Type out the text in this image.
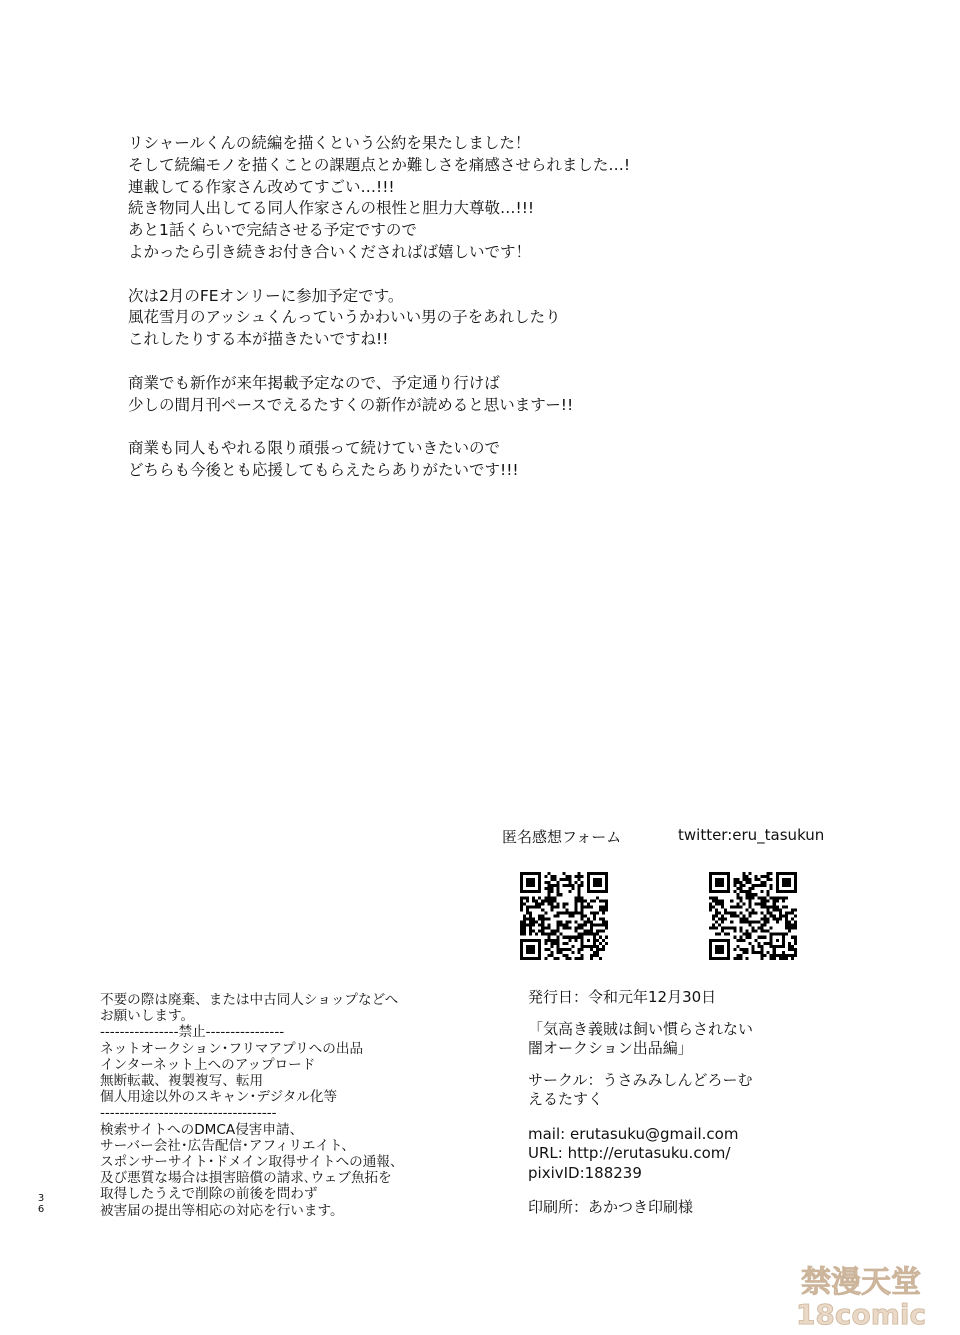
リシャールくんの続編を描くという公約を果たしました！
そして続編モノを描くことの課題点とか難しさを痛感させられました…!
連載してる作家さん改めてすごい…!!!
続き物同人出してる同人作家さんの根性と胆力大尊敬…!!!
あと1話くらいで完結させる予定ですので
よかったら引き続きお付き合いくださればば嬉しいです！

次は2月のFEオンリーに参加予定です。
風花雪月のアッシュくんっていうかわいい男の子をあれしたり
これしたりする本が描きたいですね!!

商業でも新作が来年掲載予定なので、予定通り行けば
少しの間月刊ペースでえるたすくの新作が読めると思いますー!!

商業も同人もやれる限り頑張って続けていきたいので
どちらも今後とも応援してもらえたらありがたいです!!!

匿名感想フォーム	twitter:eru_tasukun
不要の際は廃棄、または中古同人ショップなどへ
お願いします。
----------------禁止----------------
ネットオークション･フリマアプリへの出品
インターネット上へのアップロード
無断転載、複製複写、転用
個人用途以外のスキャン･デジタル化等
------------------------------------
検索サイトへのDMCA侵害申請、
サーバー会社･広告配信･アフィリエイト、
スポンサーサイト･ドメイン取得サイトへの通報、
及び悪質な場合は損害賠償の請求､ウェブ魚拓を
取得したうえで削除の前後を問わず
被害届の提出等相応の対応を行います。
発行日：令和元年12月30日
「気高き義賊は飼い慣らされない
闇オークション出品編」
サークル：うさみみしんどろーむ
えるたすく
mail: erutasuku@gmail.com
URL: http://erutasuku.com/
pixivID:188239
印刷所：あかつき印刷様
36
禁漫天堂
18comic
